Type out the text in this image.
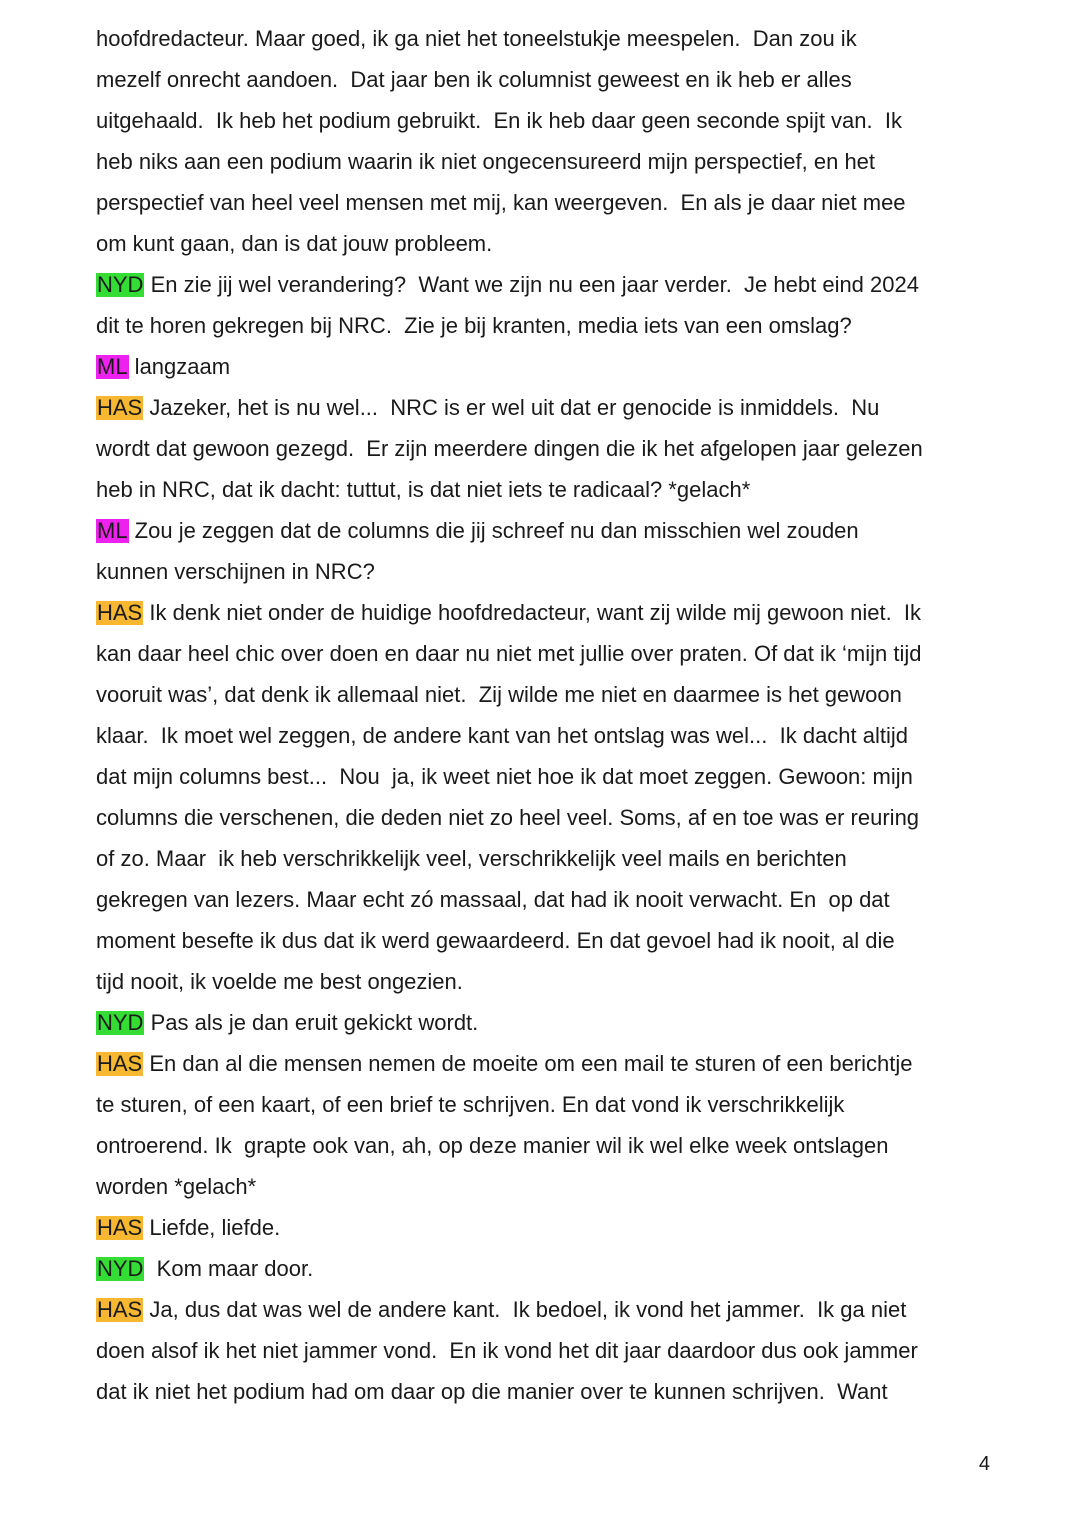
hoofdredacteur. Maar goed, ik ga niet het toneelstukje meespelen.  Dan zou ik
mezelf onrecht aandoen.  Dat jaar ben ik columnist geweest en ik heb er alles
uitgehaald.  Ik heb het podium gebruikt.  En ik heb daar geen seconde spijt van.  Ik
heb niks aan een podium waarin ik niet ongecensureerd mijn perspectief, en het
perspectief van heel veel mensen met mij, kan weergeven.  En als je daar niet mee
om kunt gaan, dan is dat jouw probleem.
NYD En zie jij wel verandering?  Want we zijn nu een jaar verder.  Je hebt eind 2024
dit te horen gekregen bij NRC.  Zie je bij kranten, media iets van een omslag?
ML langzaam
HAS Jazeker, het is nu wel...  NRC is er wel uit dat er genocide is inmiddels.  Nu
wordt dat gewoon gezegd.  Er zijn meerdere dingen die ik het afgelopen jaar gelezen
heb in NRC, dat ik dacht: tuttut, is dat niet iets te radicaal? *gelach*
ML Zou je zeggen dat de columns die jij schreef nu dan misschien wel zouden
kunnen verschijnen in NRC?
HAS Ik denk niet onder de huidige hoofdredacteur, want zij wilde mij gewoon niet.  Ik
kan daar heel chic over doen en daar nu niet met jullie over praten. Of dat ik ‘mijn tijd
vooruit was’, dat denk ik allemaal niet.  Zij wilde me niet en daarmee is het gewoon
klaar.  Ik moet wel zeggen, de andere kant van het ontslag was wel...  Ik dacht altijd
dat mijn columns best...  Nou  ja, ik weet niet hoe ik dat moet zeggen. Gewoon: mijn
columns die verschenen, die deden niet zo heel veel. Soms, af en toe was er reuring
of zo. Maar  ik heb verschrikkelijk veel, verschrikkelijk veel mails en berichten
gekregen van lezers. Maar echt zó massaal, dat had ik nooit verwacht. En  op dat
moment besefte ik dus dat ik werd gewaardeerd. En dat gevoel had ik nooit, al die
tijd nooit, ik voelde me best ongezien.
NYD Pas als je dan eruit gekickt wordt.
HAS En dan al die mensen nemen de moeite om een mail te sturen of een berichtje
te sturen, of een kaart, of een brief te schrijven. En dat vond ik verschrikkelijk
ontroerend. Ik  grapte ook van, ah, op deze manier wil ik wel elke week ontslagen
worden *gelach*
HAS Liefde, liefde.
NYD  Kom maar door.
HAS Ja, dus dat was wel de andere kant.  Ik bedoel, ik vond het jammer.  Ik ga niet
doen alsof ik het niet jammer vond.  En ik vond het dit jaar daardoor dus ook jammer
dat ik niet het podium had om daar op die manier over te kunnen schrijven.  Want
4
